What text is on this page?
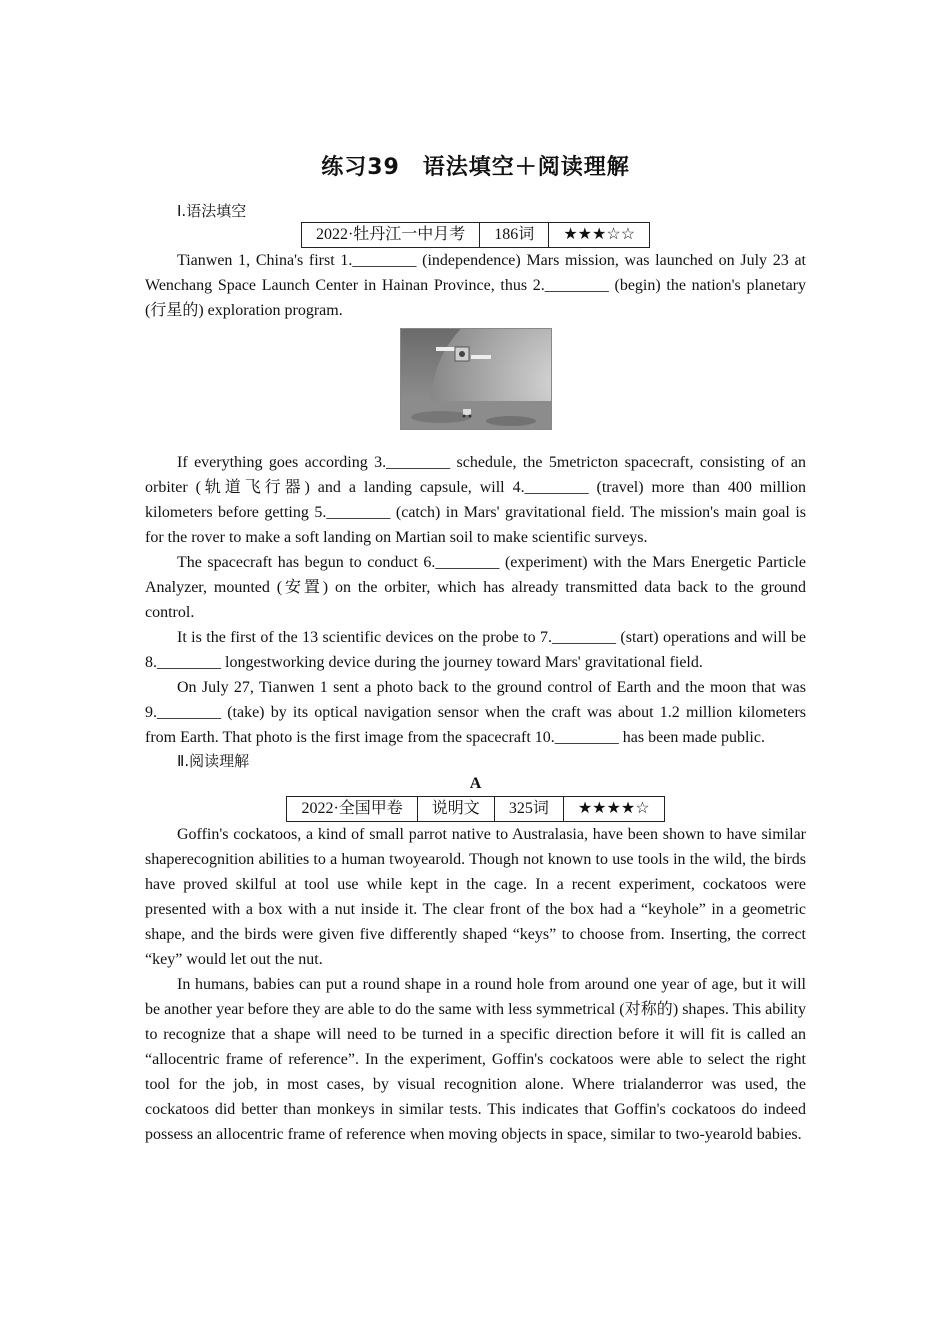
练习39　语法填空＋阅读理解
Ⅰ.语法填空
2022·牡丹江一中月考	186词	★★★☆☆

Tianwen 1, China's first 1.________ (independence) Mars mission, was launched on July 23 at Wenchang Space Launch Center in Hainan Province, thus 2.________ (begin) the nation's planetary (行星的) exploration program.

If everything goes according 3.________ schedule, the 5metricton spacecraft, consisting of an orbiter (轨道飞行器) and a landing capsule, will 4.________ (travel) more than 400 million kilometers before getting 5.________ (catch) in Mars' gravitational field. The mission's main goal is for the rover to make a soft landing on Martian soil to make scientific surveys.

The spacecraft has begun to conduct 6.________ (experiment) with the Mars Energetic Particle Analyzer, mounted (安置) on the orbiter, which has already transmitted data back to the ground control.

It is the first of the 13 scientific devices on the probe to 7.________ (start) operations and will be 8.________ longestworking device during the journey toward Mars' gravitational field.

On July 27, Tianwen 1 sent a photo back to the ground control of Earth and the moon that was 9.________ (take) by its optical navigation sensor when the craft was about 1.2 million kilometers from Earth. That photo is the first image from the spacecraft 10.________ has been made public.

Ⅱ.阅读理解
A
2022·全国甲卷	说明文	325词	★★★★☆

Goffin's cockatoos, a kind of small parrot native to Australasia, have been shown to have similar shaperecognition abilities to a human twoyearold. Though not known to use tools in the wild, the birds have proved skilful at tool use while kept in the cage. In a recent experiment, cockatoos were presented with a box with a nut inside it. The clear front of the box had a “keyhole” in a geometric shape, and the birds were given five differently shaped “keys” to choose from. Inserting, the correct “key” would let out the nut.

In humans, babies can put a round shape in a round hole from around one year of age, but it will be another year before they are able to do the same with less symmetrical (对称的) shapes. This ability to recognize that a shape will need to be turned in a specific direction before it will fit is called an “allocentric frame of reference”. In the experiment, Goffin's cockatoos were able to select the right tool for the job, in most cases, by visual recognition alone. Where trialanderror was used, the cockatoos did better than monkeys in similar tests. This indicates that Goffin's cockatoos do indeed possess an allocentric frame of reference when moving objects in space, similar to two-yearold babies.
